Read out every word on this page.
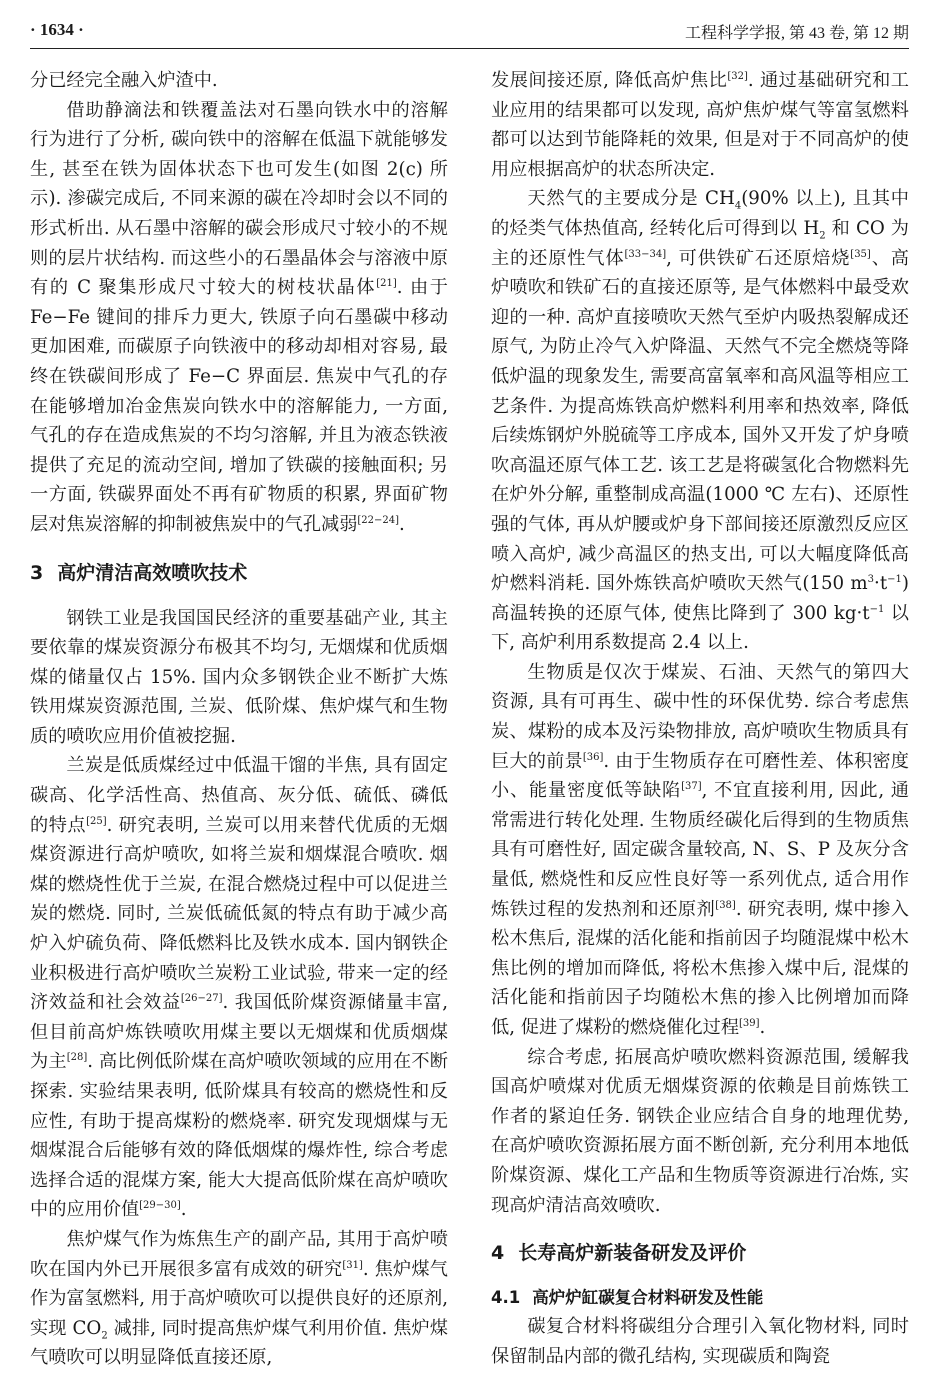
· 1634 ·	工程科学学报, 第 43 卷, 第 12 期

分已经完全融入炉渣中.

借助静滴法和铁覆盖法对石墨向铁水中的溶解行为进行了分析, 碳向铁中的溶解在低温下就能够发生, 甚至在铁为固体状态下也可发生(如图 2(c) 所示). 渗碳完成后, 不同来源的碳在冷却时会以不同的形式析出. 从石墨中溶解的碳会形成尺寸较小的不规则的层片状结构. 而这些小的石墨晶体会与溶液中原有的 C 聚集形成尺寸较大的树枝状晶体[21]. 由于 Fe−Fe 键间的排斥力更大, 铁原子向石墨碳中移动更加困难, 而碳原子向铁液中的移动却相对容易, 最终在铁碳间形成了 Fe−C 界面层. 焦炭中气孔的存在能够增加冶金焦炭向铁水中的溶解能力, 一方面, 气孔的存在造成焦炭的不均匀溶解, 并且为液态铁液提供了充足的流动空间, 增加了铁碳的接触面积; 另一方面, 铁碳界面处不再有矿物质的积累, 界面矿物层对焦炭溶解的抑制被焦炭中的气孔减弱[22−24].

3 高炉清洁高效喷吹技术

钢铁工业是我国国民经济的重要基础产业, 其主要依靠的煤炭资源分布极其不均匀, 无烟煤和优质烟煤的储量仅占 15%. 国内众多钢铁企业不断扩大炼铁用煤炭资源范围, 兰炭、低阶煤、焦炉煤气和生物质的喷吹应用价值被挖掘.

兰炭是低质煤经过中低温干馏的半焦, 具有固定碳高、化学活性高、热值高、灰分低、硫低、磷低的特点[25]. 研究表明, 兰炭可以用来替代优质的无烟煤资源进行高炉喷吹, 如将兰炭和烟煤混合喷吹. 烟煤的燃烧性优于兰炭, 在混合燃烧过程中可以促进兰炭的燃烧. 同时, 兰炭低硫低氮的特点有助于减少高炉入炉硫负荷、降低燃料比及铁水成本. 国内钢铁企业积极进行高炉喷吹兰炭粉工业试验, 带来一定的经济效益和社会效益[26−27]. 我国低阶煤资源储量丰富, 但目前高炉炼铁喷吹用煤主要以无烟煤和优质烟煤为主[28]. 高比例低阶煤在高炉喷吹领域的应用在不断探索. 实验结果表明, 低阶煤具有较高的燃烧性和反应性, 有助于提高煤粉的燃烧率. 研究发现烟煤与无烟煤混合后能够有效的降低烟煤的爆炸性, 综合考虑选择合适的混煤方案, 能大大提高低阶煤在高炉喷吹中的应用价值[29−30].

焦炉煤气作为炼焦生产的副产品, 其用于高炉喷吹在国内外已开展很多富有成效的研究[31]. 焦炉煤气作为富氢燃料, 用于高炉喷吹可以提供良好的还原剂, 实现 $CO_2$ 减排, 同时提高焦炉煤气利用价值. 焦炉煤气喷吹可以明显降低直接还原,

发展间接还原, 降低高炉焦比[32]. 通过基础研究和工业应用的结果都可以发现, 高炉焦炉煤气等富氢燃料都可以达到节能降耗的效果, 但是对于不同高炉的使用应根据高炉的状态所决定.

天然气的主要成分是 $CH_4(90\%$ 以上), 且其中的烃类气体热值高, 经转化后可得到以 $H_2$ 和 CO 为主的还原性气体[33−34], 可供铁矿石还原焙烧[35]、高炉喷吹和铁矿石的直接还原等, 是气体燃料中最受欢迎的一种. 高炉直接喷吹天然气至炉内吸热裂解成还原气, 为防止冷气入炉降温、天然气不完全燃烧等降低炉温的现象发生, 需要高富氧率和高风温等相应工艺条件. 为提高炼铁高炉燃料利用率和热效率, 降低后续炼钢炉外脱硫等工序成本, 国外又开发了炉身喷吹高温还原气体工艺. 该工艺是将碳氢化合物燃料先在炉外分解, 重整制成高温(1000 ℃ 左右)、还原性强的气体, 再从炉腰或炉身下部间接还原激烈反应区喷入高炉, 减少高温区的热支出, 可以大幅度降低高炉燃料消耗. 国外炼铁高炉喷吹天然气(150 $m^3\cdot t^{-1}$)高温转换的还原气体, 使焦比降到了 300 $kg\cdot t^{-1}$ 以下, 高炉利用系数提高 2.4 以上.

生物质是仅次于煤炭、石油、天然气的第四大资源, 具有可再生、碳中性的环保优势. 综合考虑焦炭、煤粉的成本及污染物排放, 高炉喷吹生物质具有巨大的前景[36]. 由于生物质存在可磨性差、体积密度小、能量密度低等缺陷[37], 不宜直接利用, 因此, 通常需进行转化处理. 生物质经碳化后得到的生物质焦具有可磨性好, 固定碳含量较高, N、S、P 及灰分含量低, 燃烧性和反应性良好等一系列优点, 适合用作炼铁过程的发热剂和还原剂[38]. 研究表明, 煤中掺入松木焦后, 混煤的活化能和指前因子均随混煤中松木焦比例的增加而降低, 将松木焦掺入煤中后, 混煤的活化能和指前因子均随松木焦的掺入比例增加而降低, 促进了煤粉的燃烧催化过程[39].

综合考虑, 拓展高炉喷吹燃料资源范围, 缓解我国高炉喷煤对优质无烟煤资源的依赖是目前炼铁工作者的紧迫任务. 钢铁企业应结合自身的地理优势, 在高炉喷吹资源拓展方面不断创新, 充分利用本地低阶煤资源、煤化工产品和生物质等资源进行冶炼, 实现高炉清洁高效喷吹.

4 长寿高炉新装备研发及评价
4.1 高炉炉缸碳复合材料研发及性能

碳复合材料将碳组分合理引入氧化物材料, 同时保留制品内部的微孔结构, 实现碳质和陶瓷
